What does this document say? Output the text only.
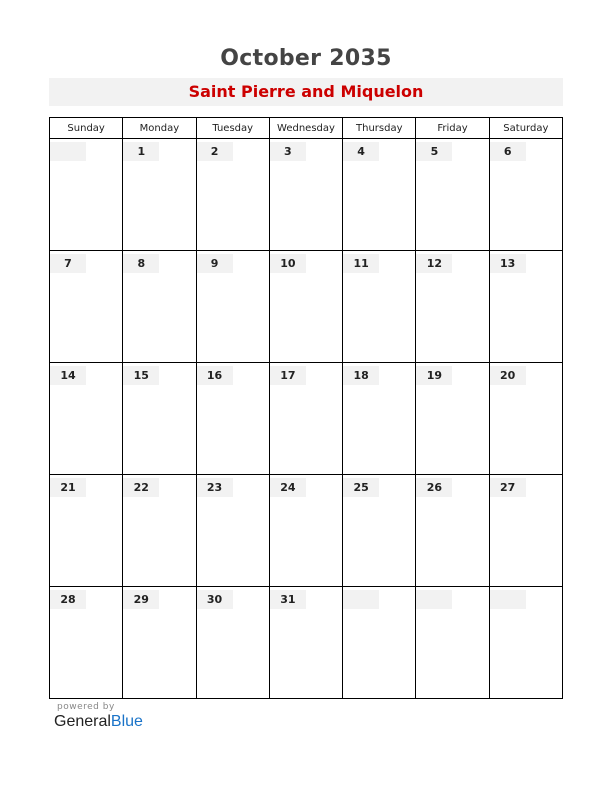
October 2035
Saint Pierre and Miquelon
Sunday	Monday	Tuesday	Wednesday	Thursday	Friday	Saturday

	1	2	3	4	5	6

7	8	9	10	11	12	13

14	15	16	17	18	19	20

21	22	23	24	25	26	27

28	29	30	31			

powered by
GeneralBlue
